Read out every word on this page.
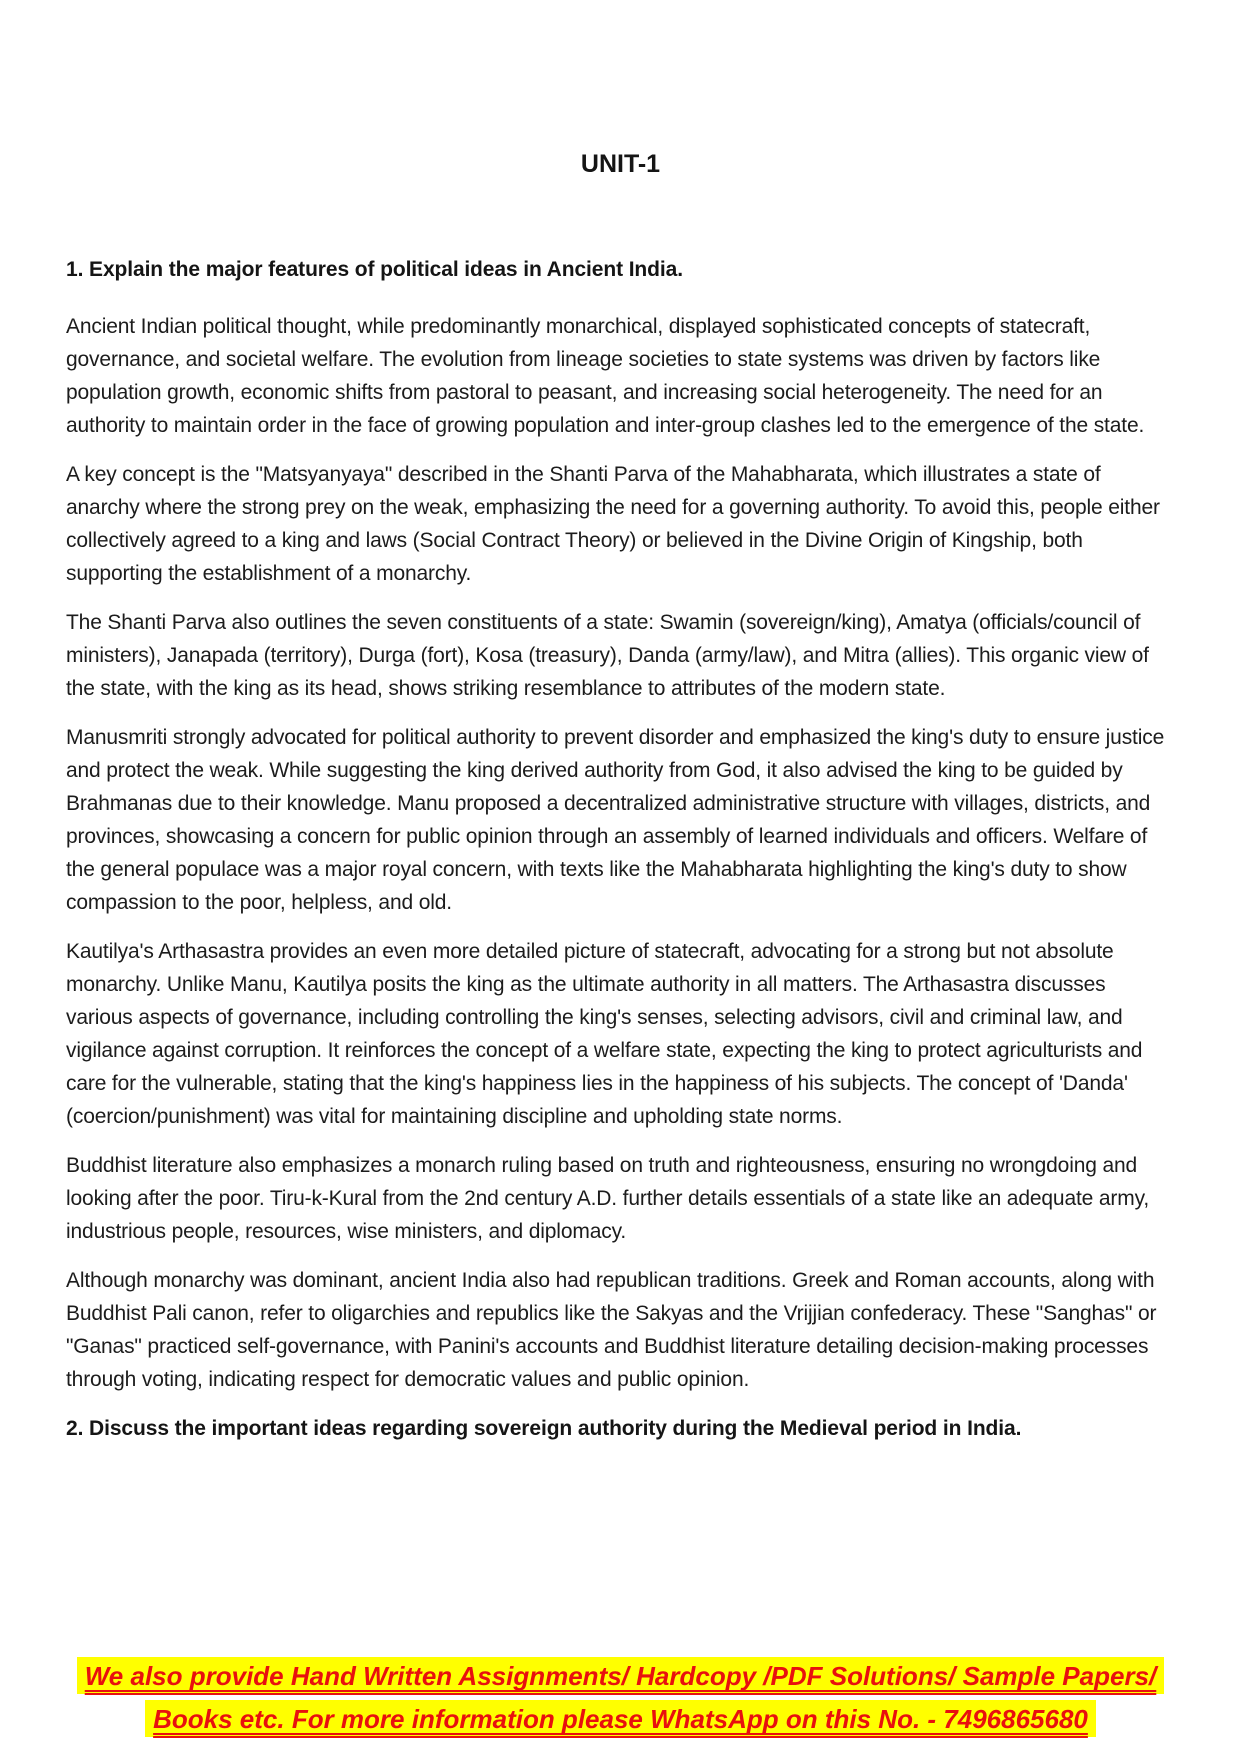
UNIT-1
1. Explain the major features of political ideas in Ancient India.

Ancient Indian political thought, while predominantly monarchical, displayed sophisticated concepts of statecraft, governance, and societal welfare. The evolution from lineage societies to state systems was driven by factors like population growth, economic shifts from pastoral to peasant, and increasing social heterogeneity. The need for an authority to maintain order in the face of growing population and inter-group clashes led to the emergence of the state.

A key concept is the "Matsyanyaya" described in the Shanti Parva of the Mahabharata, which illustrates a state of anarchy where the strong prey on the weak, emphasizing the need for a governing authority. To avoid this, people either collectively agreed to a king and laws (Social Contract Theory) or believed in the Divine Origin of Kingship, both supporting the establishment of a monarchy.

The Shanti Parva also outlines the seven constituents of a state: Swamin (sovereign/king), Amatya (officials/council of ministers), Janapada (territory), Durga (fort), Kosa (treasury), Danda (army/law), and Mitra (allies). This organic view of the state, with the king as its head, shows striking resemblance to attributes of the modern state.

Manusmriti strongly advocated for political authority to prevent disorder and emphasized the king's duty to ensure justice and protect the weak. While suggesting the king derived authority from God, it also advised the king to be guided by Brahmanas due to their knowledge. Manu proposed a decentralized administrative structure with villages, districts, and provinces, showcasing a concern for public opinion through an assembly of learned individuals and officers. Welfare of the general populace was a major royal concern, with texts like the Mahabharata highlighting the king's duty to show compassion to the poor, helpless, and old.

Kautilya's Arthasastra provides an even more detailed picture of statecraft, advocating for a strong but not absolute monarchy. Unlike Manu, Kautilya posits the king as the ultimate authority in all matters. The Arthasastra discusses various aspects of governance, including controlling the king's senses, selecting advisors, civil and criminal law, and vigilance against corruption. It reinforces the concept of a welfare state, expecting the king to protect agriculturists and care for the vulnerable, stating that the king's happiness lies in the happiness of his subjects. The concept of 'Danda' (coercion/punishment) was vital for maintaining discipline and upholding state norms.

Buddhist literature also emphasizes a monarch ruling based on truth and righteousness, ensuring no wrongdoing and looking after the poor. Tiru-k-Kural from the 2nd century A.D. further details essentials of a state like an adequate army, industrious people, resources, wise ministers, and diplomacy.

Although monarchy was dominant, ancient India also had republican traditions. Greek and Roman accounts, along with Buddhist Pali canon, refer to oligarchies and republics like the Sakyas and the Vrijjian confederacy. These "Sanghas" or "Ganas" practiced self-governance, with Panini's accounts and Buddhist literature detailing decision-making processes through voting, indicating respect for democratic values and public opinion.

2. Discuss the important ideas regarding sovereign authority during the Medieval period in India.
We also provide Hand Written Assignments/ Hardcopy /PDF Solutions/ Sample Papers/
Books etc. For more information please WhatsApp on this No. - 7496865680
